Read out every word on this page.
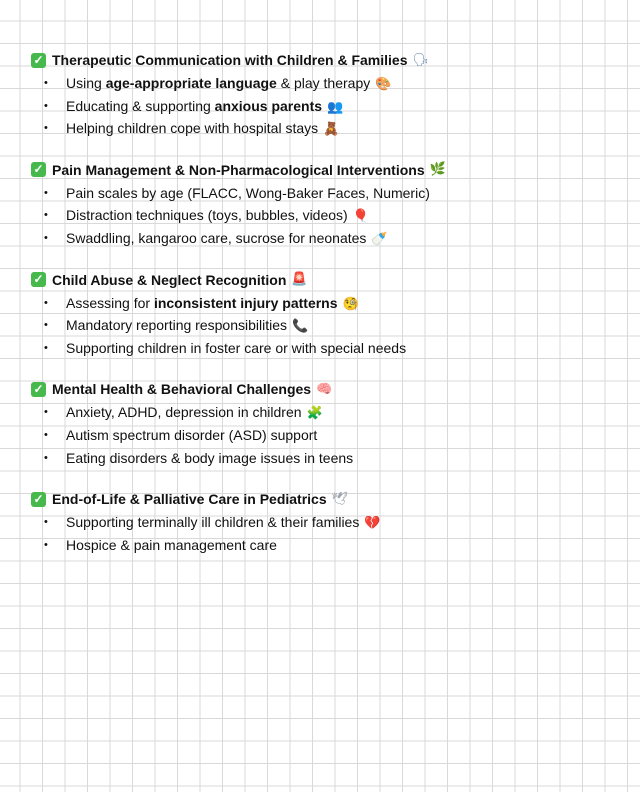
✓ Therapeutic Communication with Children & Families 🗣
• Using age-appropriate language & play therapy 🎨
• Educating & supporting anxious parents 👥
• Helping children cope with hospital stays 🧸
✓ Pain Management & Non-Pharmacological Interventions 🌿
• Pain scales by age (FLACC, Wong-Baker Faces, Numeric)
• Distraction techniques (toys, bubbles, videos) 🎈
• Swaddling, kangaroo care, sucrose for neonates 🍼
✓ Child Abuse & Neglect Recognition 🚨
• Assessing for inconsistent injury patterns 🧐
• Mandatory reporting responsibilities 📞
• Supporting children in foster care or with special needs
✓ Mental Health & Behavioral Challenges 🧠
• Anxiety, ADHD, depression in children 🧩
• Autism spectrum disorder (ASD) support
• Eating disorders & body image issues in teens
✓ End-of-Life & Palliative Care in Pediatrics 🕊
• Supporting terminally ill children & their families 💔
• Hospice & pain management care
